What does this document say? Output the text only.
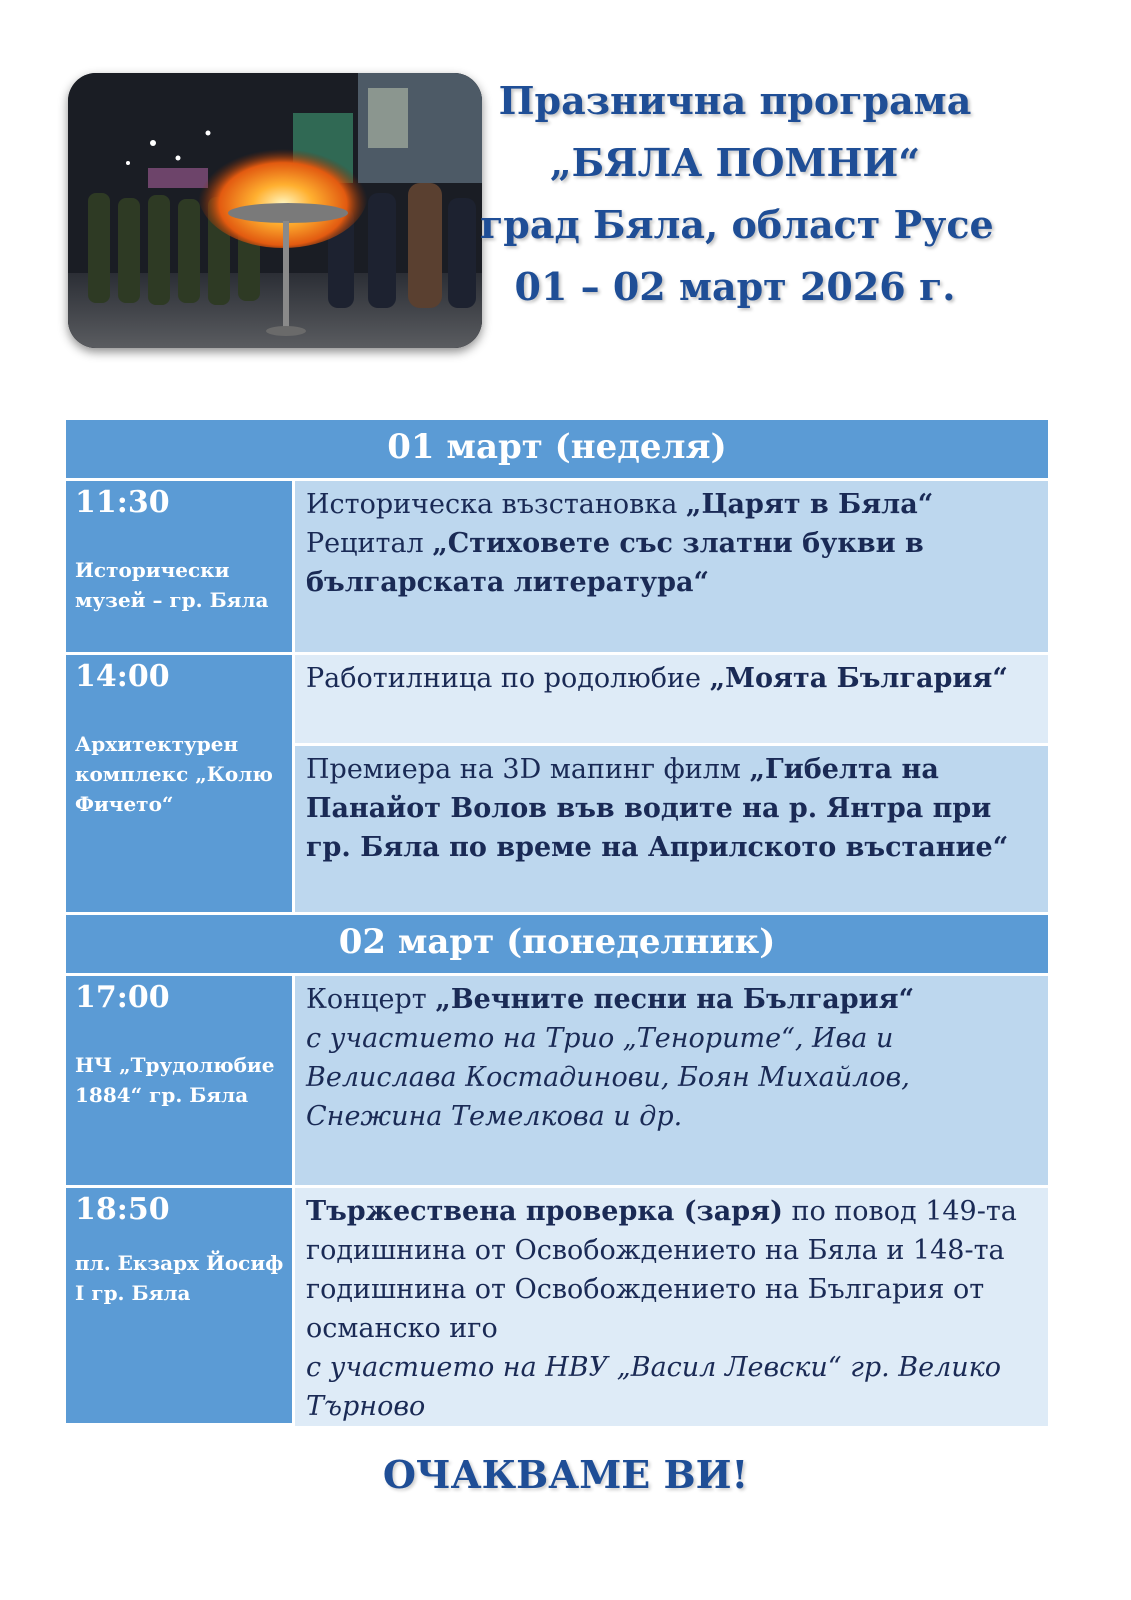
Празнична програма
„БЯЛА ПОМНИ“
град Бяла, област Русе
01 – 02 март 2026 г.
01 март (неделя)
11:30
Исторически музей – гр. Бяла
Историческа възстановка „Царят в Бяла“
Рецитал „Стиховете със златни букви в българската литература“
14:00
Архитектурен комплекс „Колю Фичето“
Работилница по родолюбие „Моята България“
Премиера на 3D мапинг филм „Гибелта на Панайот Волов във водите на р. Янтра при гр. Бяла по време на Априлското въстание“
02 март (понеделник)
17:00
НЧ „Трудолюбие 1884“ гр. Бяла
Концерт „Вечните песни на България“
с участието на Трио „Тенорите“, Ива и Велислава Костадинови, Боян Михайлов, Снежина Темелкова и др.
18:50
пл. Екзарх Йосиф I гр. Бяла
Тържествена проверка (заря) по повод 149-та годишнина от Освобождението на Бяла и 148-та годишнина от Освобождението на България от османско иго
с участието на НВУ „Васил Левски“ гр. Велико Търново
ОЧАКВАМЕ ВИ!
